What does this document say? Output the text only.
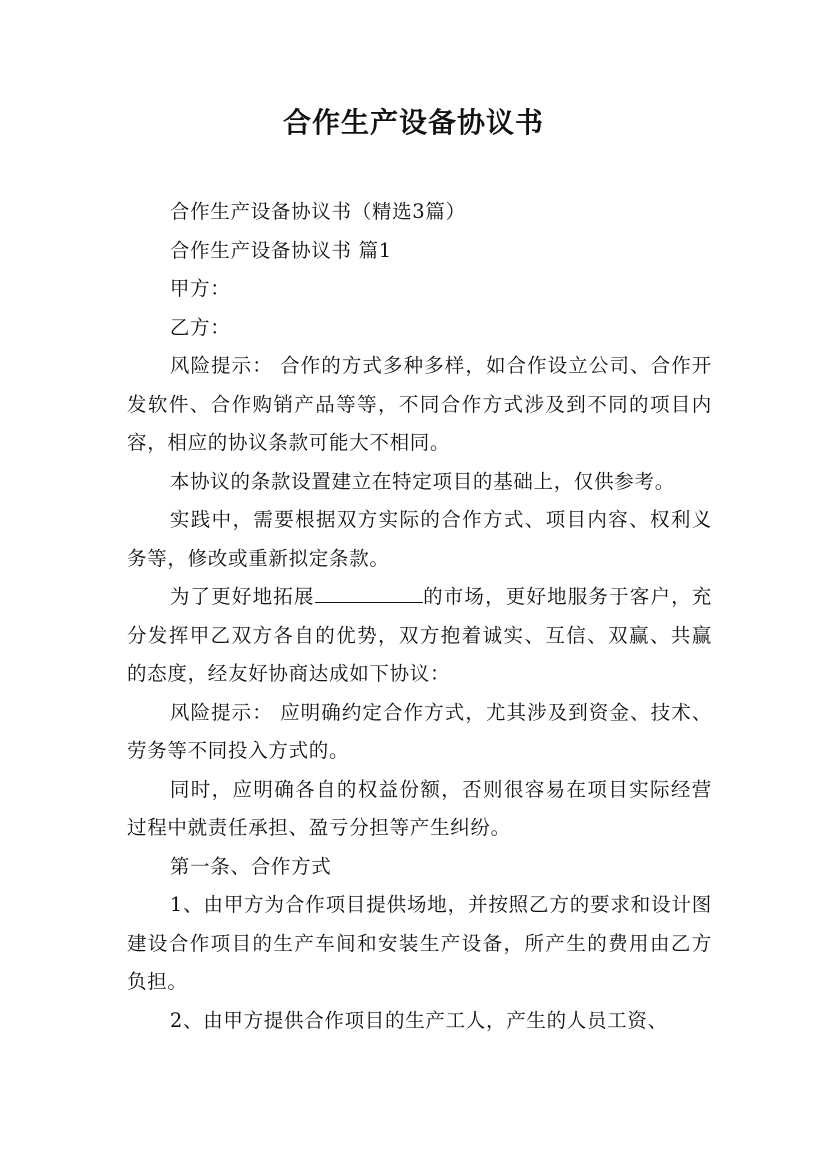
合作生产设备协议书

合作生产设备协议书（精选3篇）

合作生产设备协议书 篇1

甲方：

乙方：

风险提示： 合作的方式多种多样，如合作设立公司、合作开发软件、合作购销产品等等，不同合作方式涉及到不同的项目内容，相应的协议条款可能大不相同。

本协议的条款设置建立在特定项目的基础上，仅供参考。

实践中，需要根据双方实际的合作方式、项目内容、权利义务等，修改或重新拟定条款。

为了更好地拓展	的市场，更好地服务于客户，充分发挥甲乙双方各自的优势，双方抱着诚实、互信、双赢、共赢的态度，经友好协商达成如下协议：

风险提示： 应明确约定合作方式，尤其涉及到资金、技术、劳务等不同投入方式的。

同时，应明确各自的权益份额，否则很容易在项目实际经营过程中就责任承担、盈亏分担等产生纠纷。

第一条、合作方式

1、由甲方为合作项目提供场地，并按照乙方的要求和设计图建设合作项目的生产车间和安装生产设备，所产生的费用由乙方负担。

2、由甲方提供合作项目的生产工人，产生的人员工资、
